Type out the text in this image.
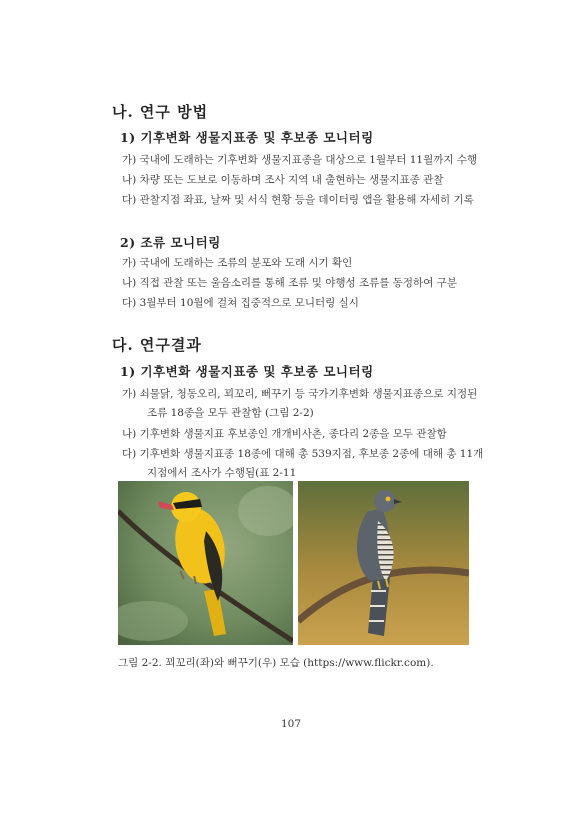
나. 연구 방법
1) 기후변화 생물지표종 및 후보종 모니터링
가) 국내에 도래하는 기후변화 생물지표종을 대상으로 1월부터 11월까지 수행
나) 차량 또는 도보로 이동하며 조사 지역 내 출현하는 생물지표종 관찰
다) 관찰지점 좌표, 날짜 및 서식 현황 등을 데이터링 앱을 활용해 자세히 기록
2) 조류 모니터링
가) 국내에 도래하는 조류의 분포와 도래 시기 확인
나) 직접 관찰 또는 울음소리를 통해 조류 및 야행성 조류를 동정하여 구분
다) 3월부터 10월에 걸쳐 집중적으로 모니터링 실시
다. 연구결과
1) 기후변화 생물지표종 및 후보종 모니터링
가) 쇠물닭, 청동오리, 꾀꼬리, 뻐꾸기 등 국가기후변화 생물지표종으로 지정된
조류 18종을 모두 관찰함 (그림 2-2)
나) 기후변화 생물지표 후보종인 개개비사촌, 종다리 2종을 모두 관찰함
다) 기후변화 생물지표종 18종에 대해 총 539지점, 후보종 2종에 대해 총 11개
지점에서 조사가 수행됨(표 2-11
그림 2-2. 꾀꼬리(좌)와 뻐꾸기(우) 모습 (https://www.flickr.com).
107
